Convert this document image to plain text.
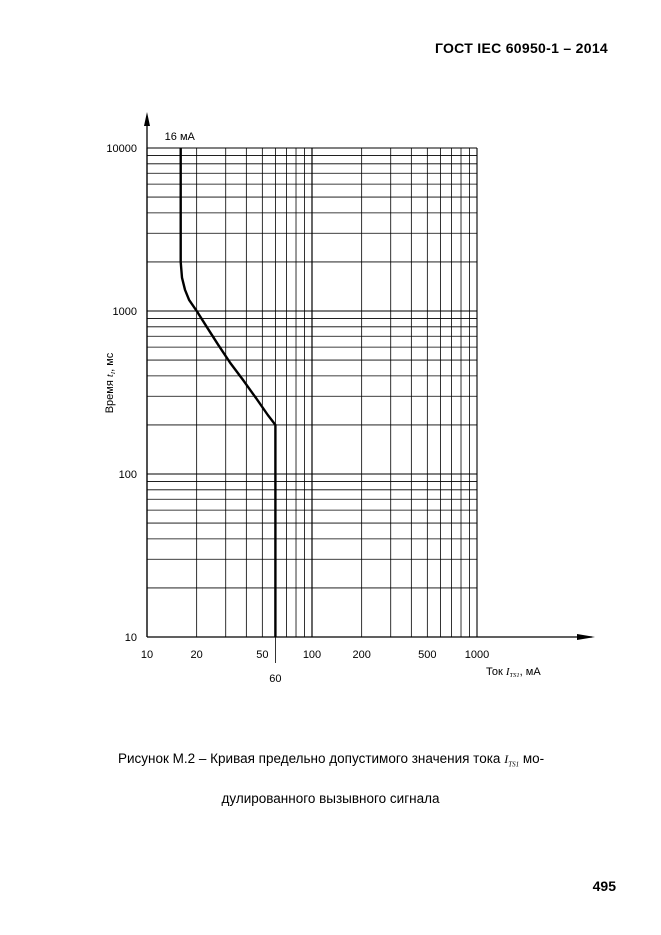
ГОСТ IEC 60950-1 – 2014
10	20	50	100	200	500	1000
10
100
1000
10000
16 мА
60
Ток ITS1, мА
Время tI, мс
Рисунок М.2 – Кривая предельно допустимого значения тока $I_{TS1}$ мо-
дулированного вызывного сигнала
495
